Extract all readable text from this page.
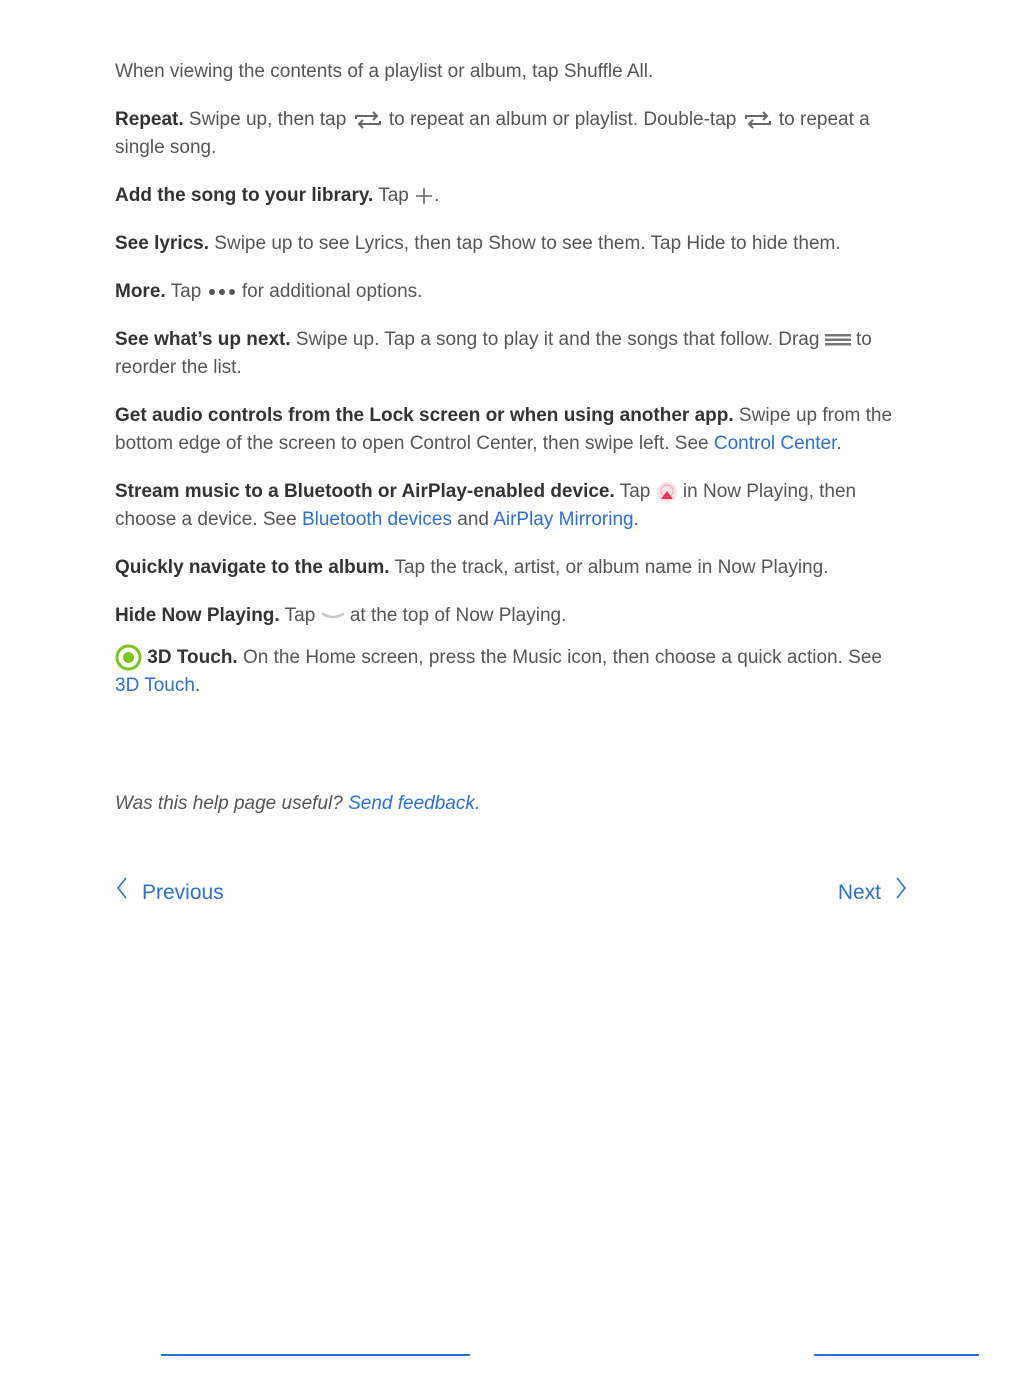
When viewing the contents of a playlist or album, tap Shuffle All.

Repeat. Swipe up, then tap
to repeat an album or playlist. Double-tap
to repeat a single song.

Add the song to your library. Tap
.

See lyrics. Swipe up to see Lyrics, then tap Show to see them. Tap Hide to hide them.

More. Tap
for additional options.

See what’s up next. Swipe up. Tap a song to play it and the songs that follow. Drag
to reorder the list.

Get audio controls from the Lock screen or when using another app. Swipe up from the bottom edge of the screen to open Control Center, then swipe left. See Control Center.

Stream music to a Bluetooth or AirPlay-enabled device. Tap
in Now Playing, then choose a device. See Bluetooth devices and AirPlay Mirroring.

Quickly navigate to the album. Tap the track, artist, or album name in Now Playing.

Hide Now Playing. Tap
at the top of Now Playing.

3D Touch. On the Home screen, press the Music icon, then choose a quick action. See 3D Touch.

Was this help page useful? Send feedback.
Previous	Next
